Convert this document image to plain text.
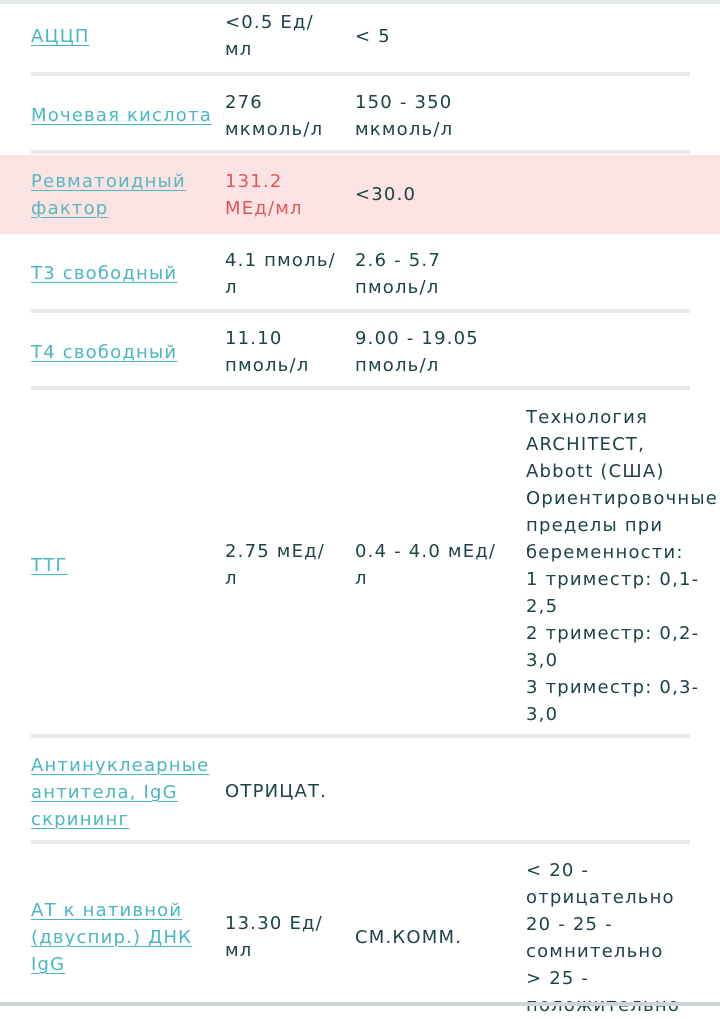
АЦЦП
<0.5 Ед/
мл
< 5
Мочевая кислота
276
мкмоль/л
150 - 350
мкмоль/л
Ревматоидный
фактор
131.2
МЕд/мл
<30.0
Т3 свободный
4.1 пмоль/
л
2.6 - 5.7
пмоль/л
Т4 свободный
11.10
пмоль/л
9.00 - 19.05
пмоль/л
ТТГ
2.75 мЕд/
л
0.4 - 4.0 мЕд/
л
Технология
ARCHITECT,
Abbott (США)
Ориентировочные
пределы при
беременности:
1 триместр: 0,1-
2,5
2 триместр: 0,2-
3,0
3 триместр: 0,3-
3,0
Антинуклеарные
антитела, IgG
скрининг
ОТРИЦАТ.
АТ к нативной
(двуспир.) ДНК
IgG
13.30 Ед/
мл
СМ.КОММ.
< 20 -
отрицательно
20 - 25 -
сомнительно
> 25 -
